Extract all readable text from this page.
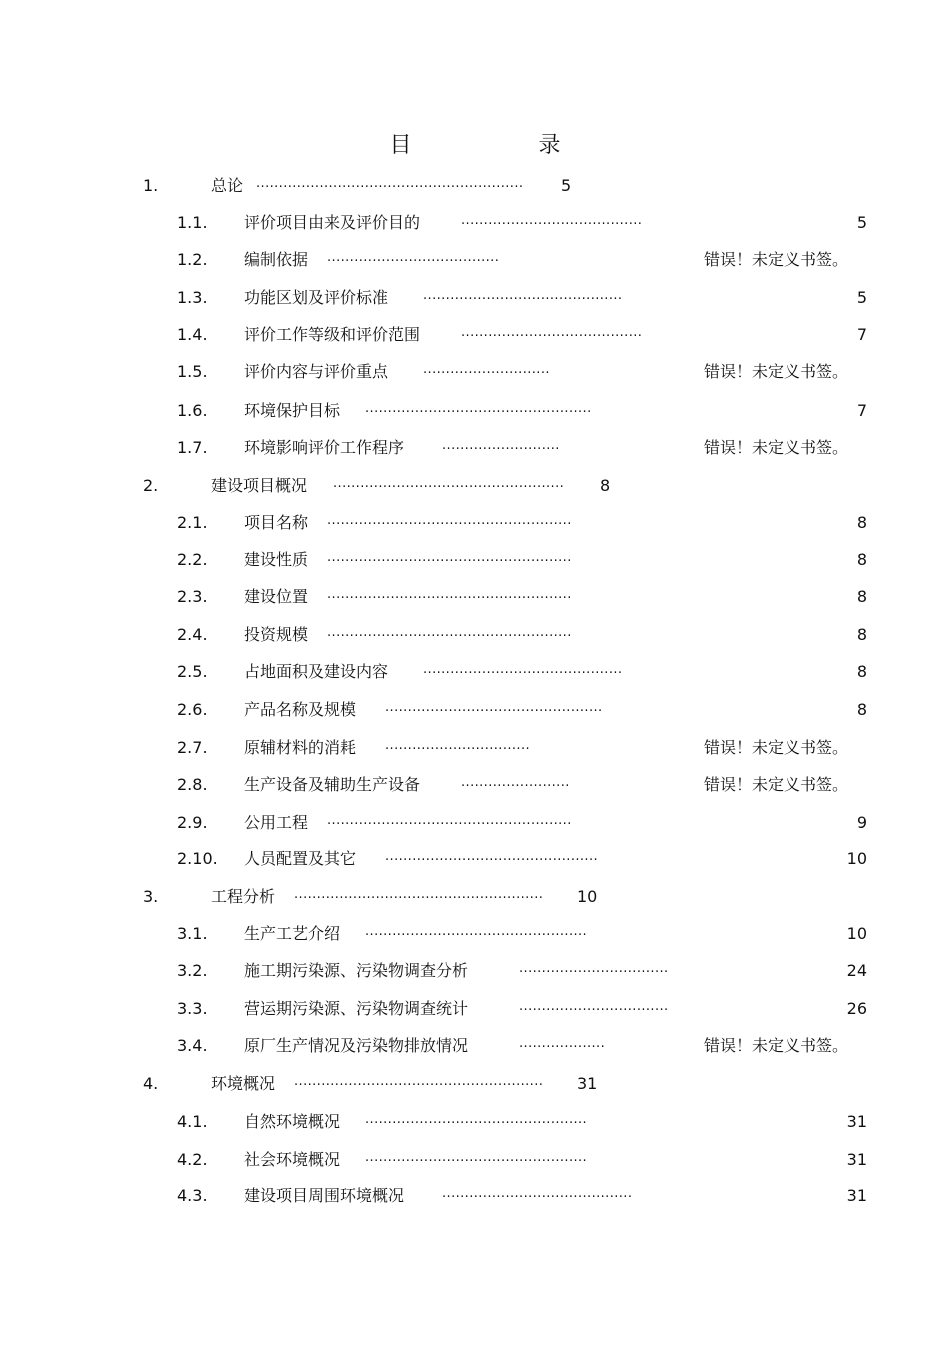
目 录
1.	总论 ...........................................................	5
1.1. 评价项目由来及评价目的	........................................	5
1.2. 编制依据 ......................................	错误！未定义书签。
1.3. 功能区划及评价标准	............................................	5
1.4. 评价工作等级和评价范围	........................................	7
1.5. 评价内容与评价重点	............................	错误！未定义书签。
1.6. 环境保护目标 ..................................................	7
1.7. 环境影响评价工作程序	..........................	错误！未定义书签。
2.	建设项目概况 ...................................................	8
2.1. 项目名称 ......................................................	8
2.2. 建设性质 ......................................................	8
2.3. 建设位置 ......................................................	8
2.4. 投资规模 ......................................................	8
2.5. 占地面积及建设内容	............................................	8
2.6. 产品名称及规模 ................................................	8
2.7. 原辅材料的消耗 ................................	错误！未定义书签。
2.8. 生产设备及辅助生产设备	........................	错误！未定义书签。
2.9. 公用工程 ......................................................	9
2.10. 人员配置及其它 ...............................................	10
3.	工程分析 .......................................................	10
3.1. 生产工艺介绍 .................................................	10
3.2. 施工期污染源、污染物调查分析	.................................	24
3.3. 营运期污染源、污染物调查统计	.................................	26
3.4. 原厂生产情况及污染物排放情况	...................	错误！未定义书签。
4.	环境概况 .......................................................	31
4.1. 自然环境概况 .................................................	31
4.2. 社会环境概况 .................................................	31
4.3. 建设项目周围环境概况	..........................................	31
